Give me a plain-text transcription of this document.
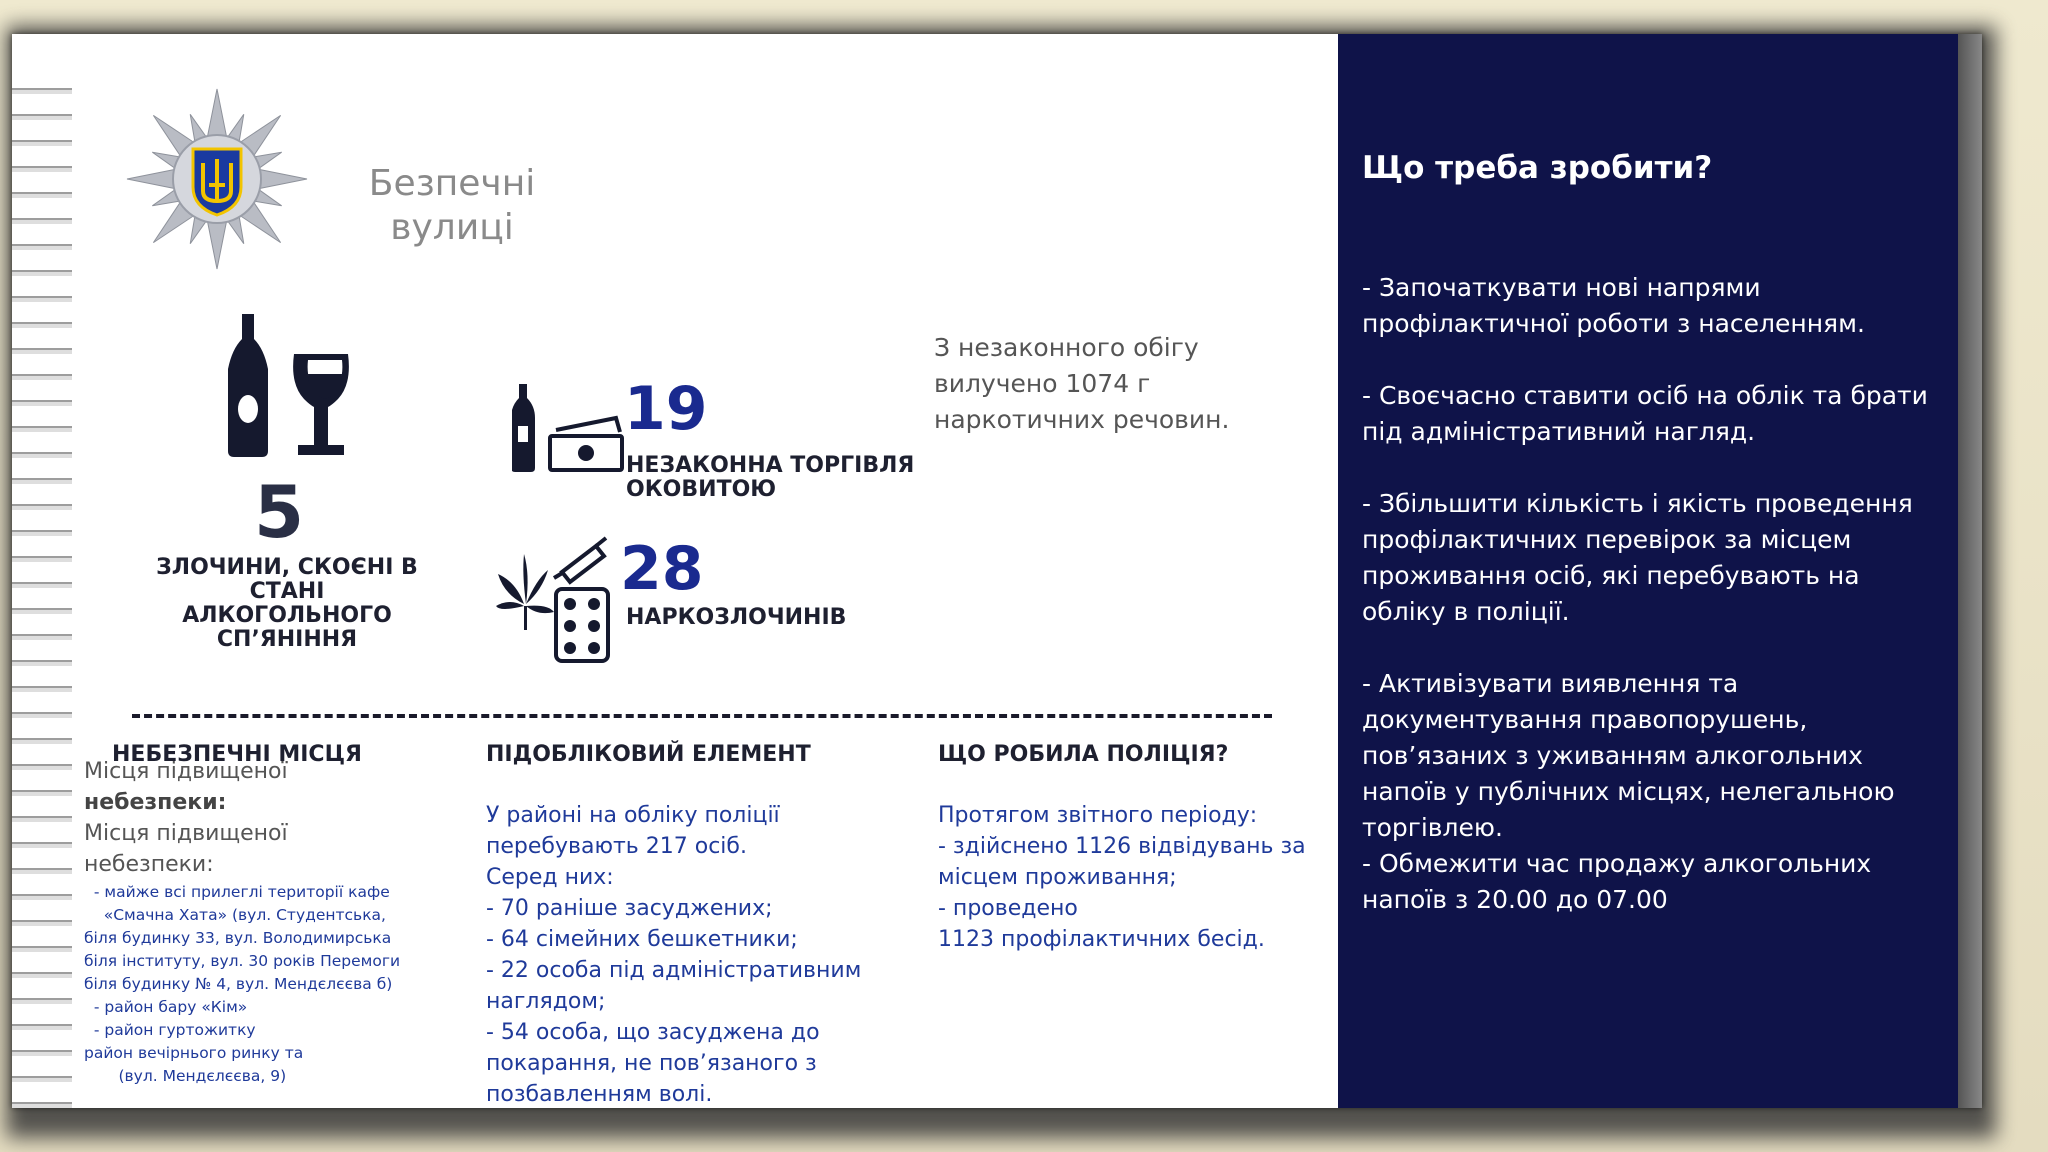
Безпечні
вулиці
5
ЗЛОЧИНИ, СКОЄНІ В
СТАНІ АЛКОГОЛЬНОГО
СП’ЯНІННЯ
19
НЕЗАКОННА ТОРГІВЛЯ
ОКОВИТОЮ
28
НАРКОЗЛОЧИНІВ
З незаконного обігу
вилучено 1074 г
наркотичних речовин.
НЕБЕЗПЕЧНІ МІСЦЯ
Місця підвищеної
небезпеки:
Місця підвищеної
небезпеки:
- майже всі прилеглі території кафе
«Смачна Хата» (вул. Студентська,
біля будинку 33, вул. Володимирська
біля інституту, вул. 30 років Перемоги
біля будинку № 4, вул. Мендєлєєва б)
- район бару «Кім»
- район гуртожитку
район вечірнього ринку та
(вул. Мендєлєєва, 9)
ПІДОБЛІКОВИЙ ЕЛЕМЕНТ
У районі на обліку поліції
перебувають 217 осіб.
Серед них:
- 70 раніше засуджених;
- 64 сімейних бешкетники;
- 22 особа під адміністративним
наглядом;
- 54 особа, що засуджена до
покарання, не пов’язаного з
позбавленням волі.
ЩО РОБИЛА ПОЛІЦІЯ?
Протягом звітного періоду:
- здійснено 1126 відвідувань за
місцем проживання;
- проведено
1123 профілактичних бесід.
Що треба зробити?
- Започаткувати нові напрями профілактичної роботи з населенням.
- Своєчасно ставити осіб на облік та брати під адміністративний нагляд.
- Збільшити кількість і якість проведення профілактичних перевірок за місцем проживання осіб, які перебувають на обліку в поліції.
- Активізувати виявлення та документування правопорушень, пов’язаних з уживанням алкогольних напоїв у публічних місцях, нелегальною торгівлею.
- Обмежити час продажу алкогольних напоїв з 20.00 до 07.00
